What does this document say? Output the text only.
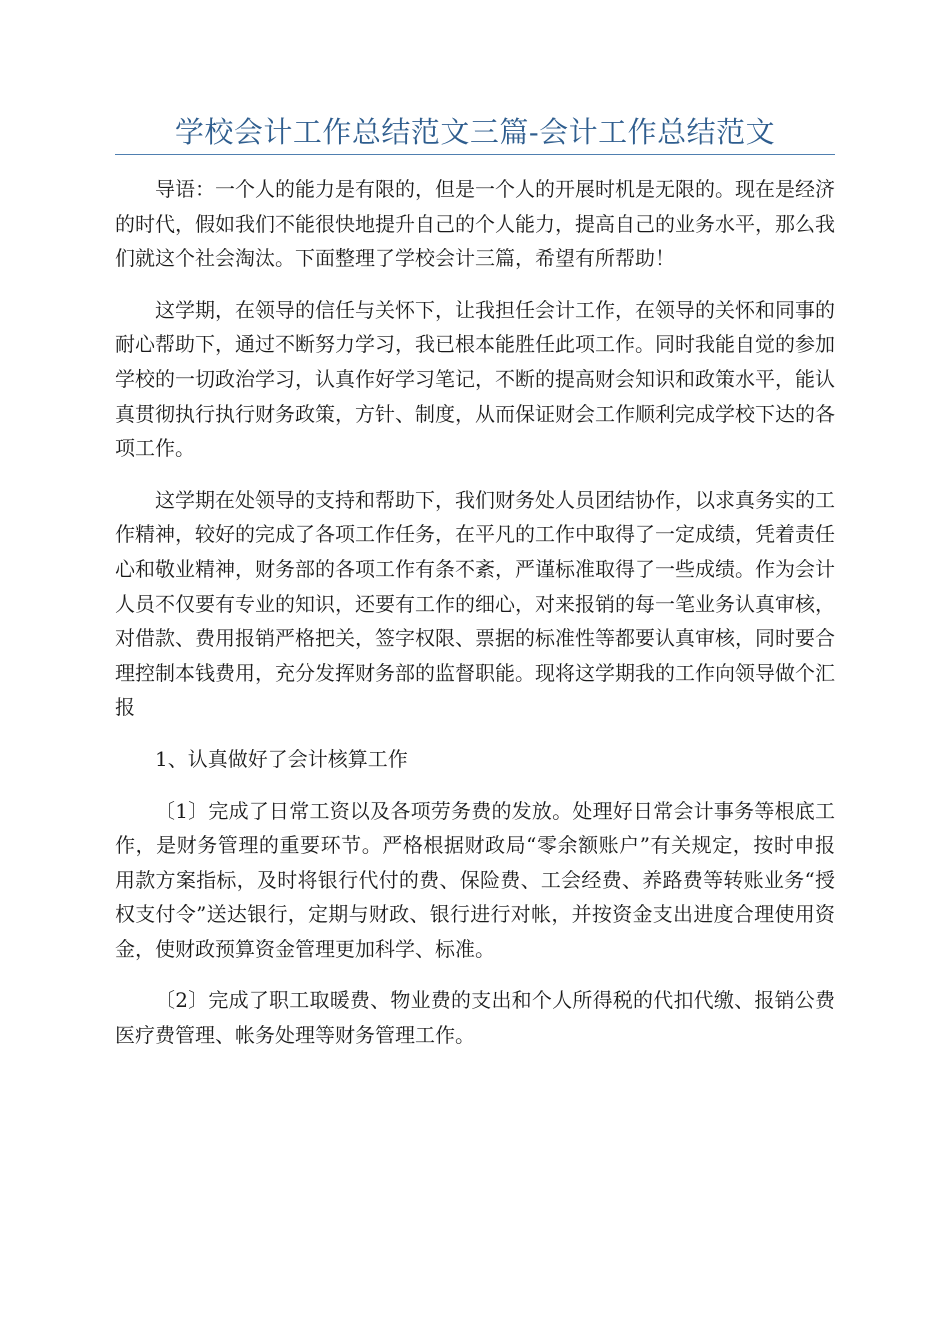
学校会计工作总结范文三篇-会计工作总结范文

导语：一个人的能力是有限的，但是一个人的开展时机是无限的。现在是经济的时代，假如我们不能很快地提升自己的个人能力，提高自己的业务水平，那么我们就这个社会淘汰。下面整理了学校会计三篇，希望有所帮助！

这学期，在领导的信任与关怀下，让我担任会计工作，在领导的关怀和同事的耐心帮助下，通过不断努力学习，我已根本能胜任此项工作。同时我能自觉的参加学校的一切政治学习，认真作好学习笔记，不断的提高财会知识和政策水平，能认真贯彻执行执行财务政策，方针、制度，从而保证财会工作顺利完成学校下达的各项工作。

这学期在处领导的支持和帮助下，我们财务处人员团结协作，以求真务实的工作精神，较好的完成了各项工作任务，在平凡的工作中取得了一定成绩，凭着责任心和敬业精神，财务部的各项工作有条不紊，严谨标准取得了一些成绩。作为会计人员不仅要有专业的知识，还要有工作的细心，对来报销的每一笔业务认真审核，对借款、费用报销严格把关，签字权限、票据的标准性等都要认真审核，同时要合理控制本钱费用，充分发挥财务部的监督职能。现将这学期我的工作向领导做个汇报

1、认真做好了会计核算工作

〔1〕完成了日常工资以及各项劳务费的发放。处理好日常会计事务等根底工作，是财务管理的重要环节。严格根据财政局“零余额账户”有关规定，按时申报用款方案指标，及时将银行代付的费、保险费、工会经费、养路费等转账业务“授权支付令”送达银行，定期与财政、银行进行对帐，并按资金支出进度合理使用资金，使财政预算资金管理更加科学、标准。

〔2〕完成了职工取暖费、物业费的支出和个人所得税的代扣代缴、报销公费医疗费管理、帐务处理等财务管理工作。
